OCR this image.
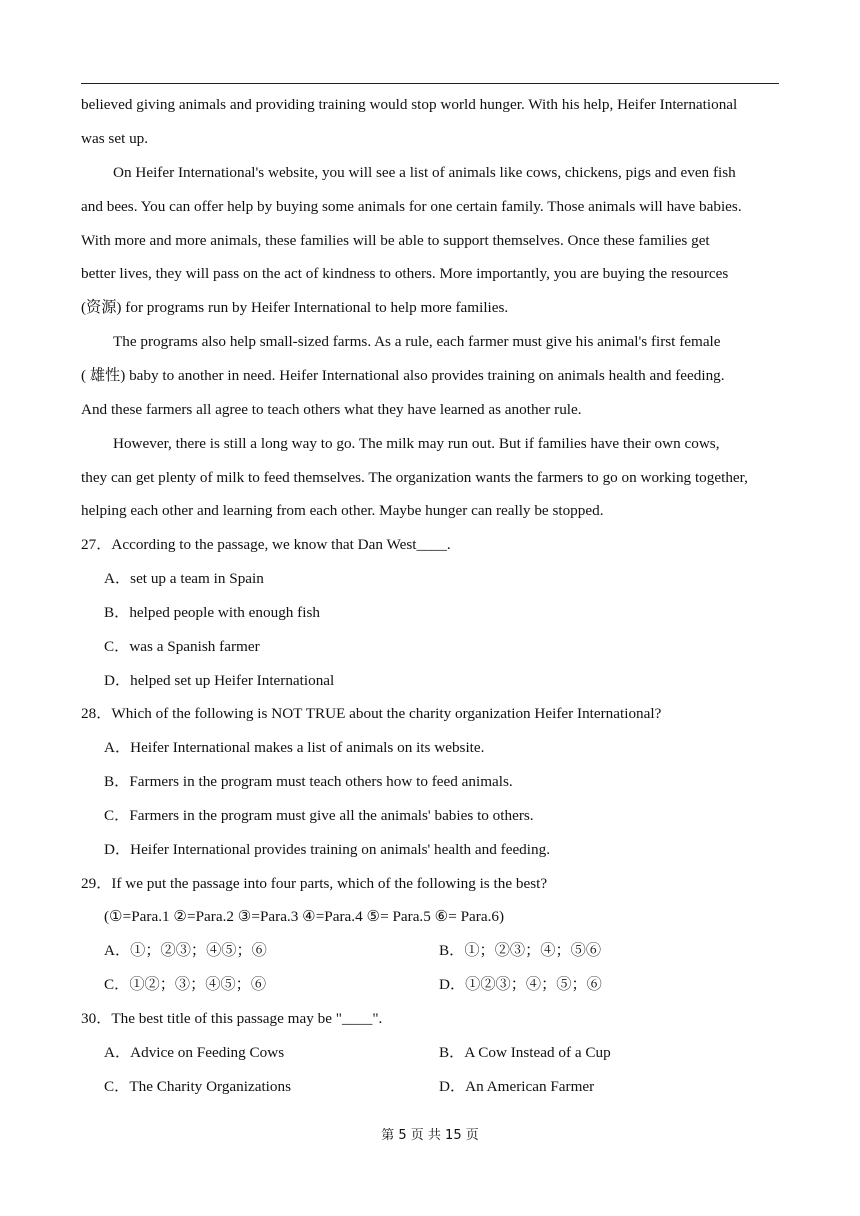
believed giving animals and providing training would stop world hunger. With his help, Heifer International
was set up.
On Heifer International's website, you will see a list of animals like cows, chickens, pigs and even fish
and bees. You can offer help by buying some animals for one certain family. Those animals will have babies.
With more and more animals, these families will be able to support themselves. Once these families get
better lives, they will pass on the act of kindness to others. More importantly, you are buying the resources
(资源) for programs run by Heifer International to help more families.
The programs also help small-sized farms. As a rule, each farmer must give his animal's first female
( 雄性) baby to another in need. Heifer International also provides training on animals health and feeding.
And these farmers all agree to teach others what they have learned as another rule.
However, there is still a long way to go. The milk may run out. But if families have their own cows,
they can get plenty of milk to feed themselves. The organization wants the farmers to go on working together,
helping each other and learning from each other. Maybe hunger can really be stopped.
27．According to the passage, we know that Dan West____.
A．set up a team in Spain
B．helped people with enough fish
C．was a Spanish farmer
D．helped set up Heifer International
28．Which of the following is NOT TRUE about the charity organization Heifer International?
A．Heifer International makes a list of animals on its website.
B．Farmers in the program must teach others how to feed animals.
C．Farmers in the program must give all the animals' babies to others.
D．Heifer International provides training on animals' health and feeding.
29．If we put the passage into four parts, which of the following is the best?
(①=Para.1 ②=Para.2 ③=Para.3 ④=Para.4 ⑤= Para.5 ⑥= Para.6)
A．①；②③；④⑤；⑥	B．①；②③；④；⑤⑥
C．①②；③；④⑤；⑥	D．①②③；④；⑤；⑥
30．The best title of this passage may be "____".
A．Advice on Feeding Cows	B．A Cow Instead of a Cup
C．The Charity Organizations	D．An American Farmer
第 5 页 共 15 页
